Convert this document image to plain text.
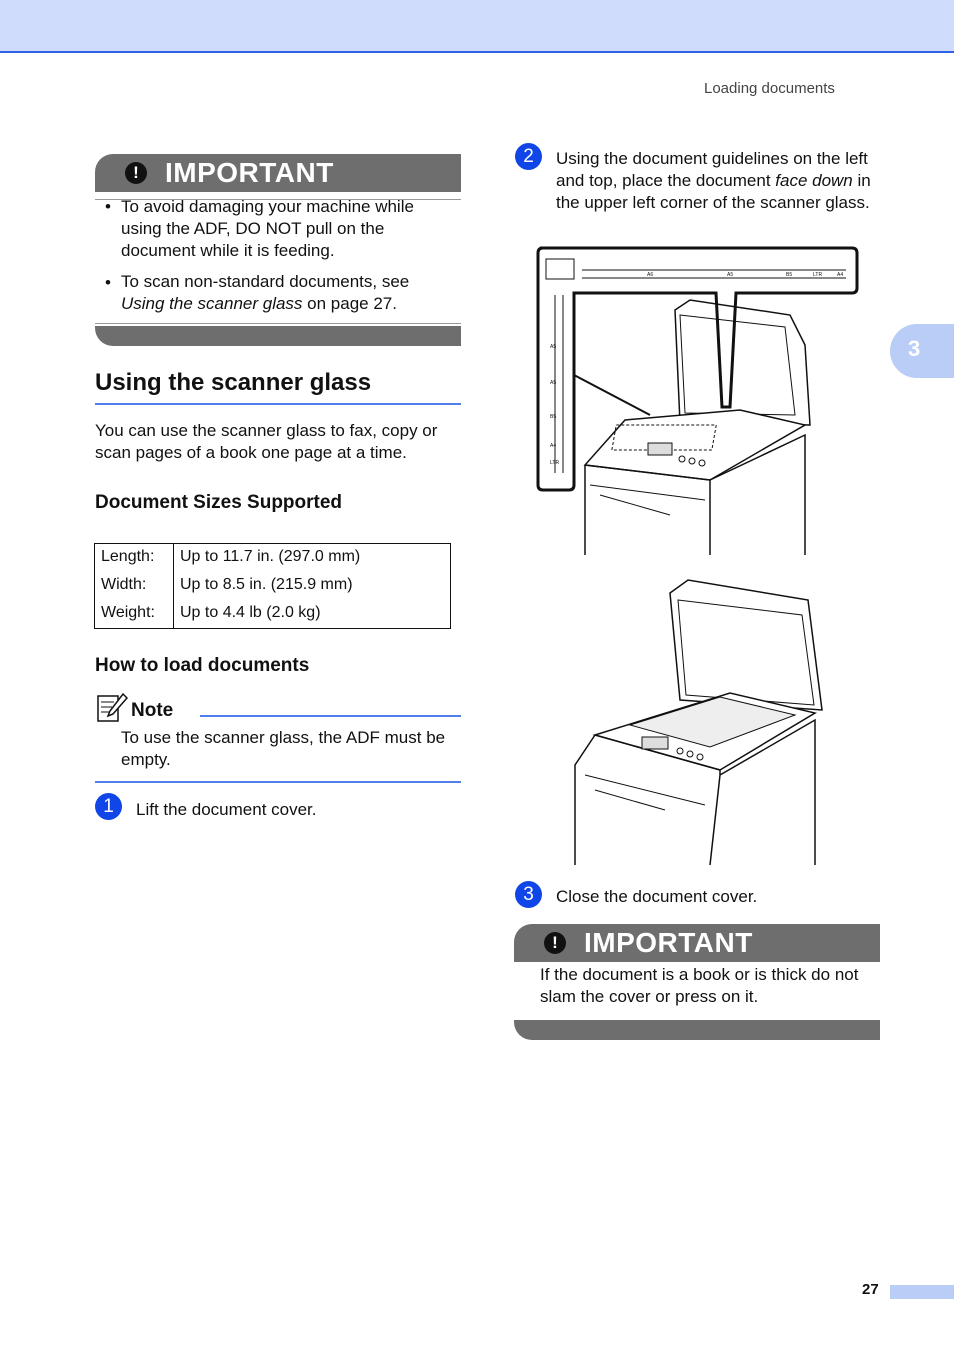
Loading documents
3
! IMPORTANT
• To avoid damaging your machine while using the ADF, DO NOT pull on the document while it is feeding.
• To scan non-standard documents, see Using the scanner glass on page 27.
Using the scanner glass
You can use the scanner glass to fax, copy or scan pages of a book one page at a time.
Document Sizes Supported
Length:	Up to 11.7 in. (297.0 mm)
Width:	Up to 8.5 in. (215.9 mm)
Weight:	Up to 4.4 lb (2.0 kg)
How to load documents
Note
To use the scanner glass, the ADF must be empty.
1	Lift the document cover.
2	Using the document guidelines on the left and top, place the document face down in the upper left corner of the scanner glass.
A6	A5	B5	LTR	A4
A5
A5
B5
A4
LTR
3	Close the document cover.
! IMPORTANT
If the document is a book or is thick do not slam the cover or press on it.
27
